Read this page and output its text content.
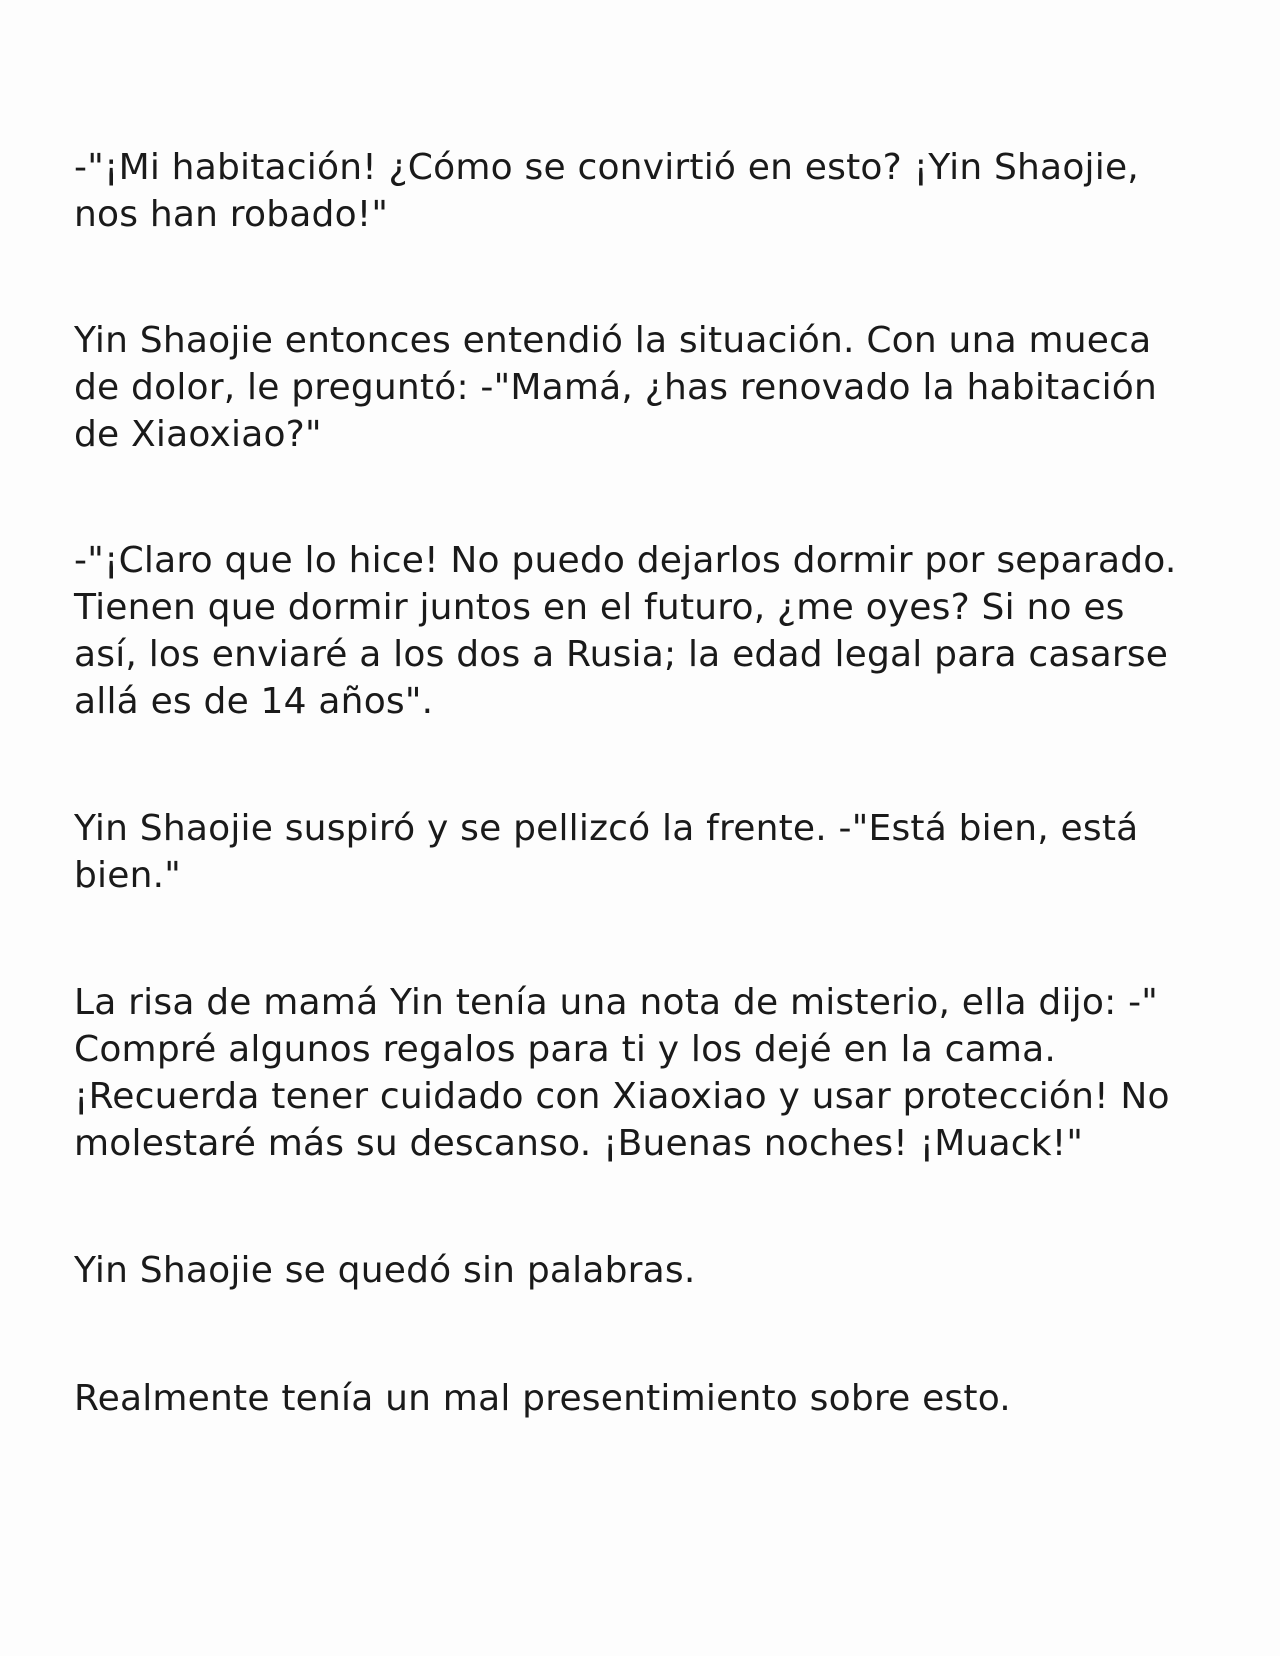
-"¡Mi habitación! ¿Cómo se convirtió en esto? ¡Yin Shaojie,
nos han robado!"

Yin Shaojie entonces entendió la situación. Con una mueca
de dolor, le preguntó: -"Mamá, ¿has renovado la habitación
de Xiaoxiao?"

-"¡Claro que lo hice! No puedo dejarlos dormir por separado.
Tienen que dormir juntos en el futuro, ¿me oyes? Si no es
así, los enviaré a los dos a Rusia; la edad legal para casarse
allá es de 14 años".

Yin Shaojie suspiró y se pellizcó la frente. -"Está bien, está
bien."

La risa de mamá Yin tenía una nota de misterio, ella dijo: -"
Compré algunos regalos para ti y los dejé en la cama.
¡Recuerda tener cuidado con Xiaoxiao y usar protección! No
molestaré más su descanso. ¡Buenas noches! ¡Muack!"

Yin Shaojie se quedó sin palabras.

Realmente tenía un mal presentimiento sobre esto.
